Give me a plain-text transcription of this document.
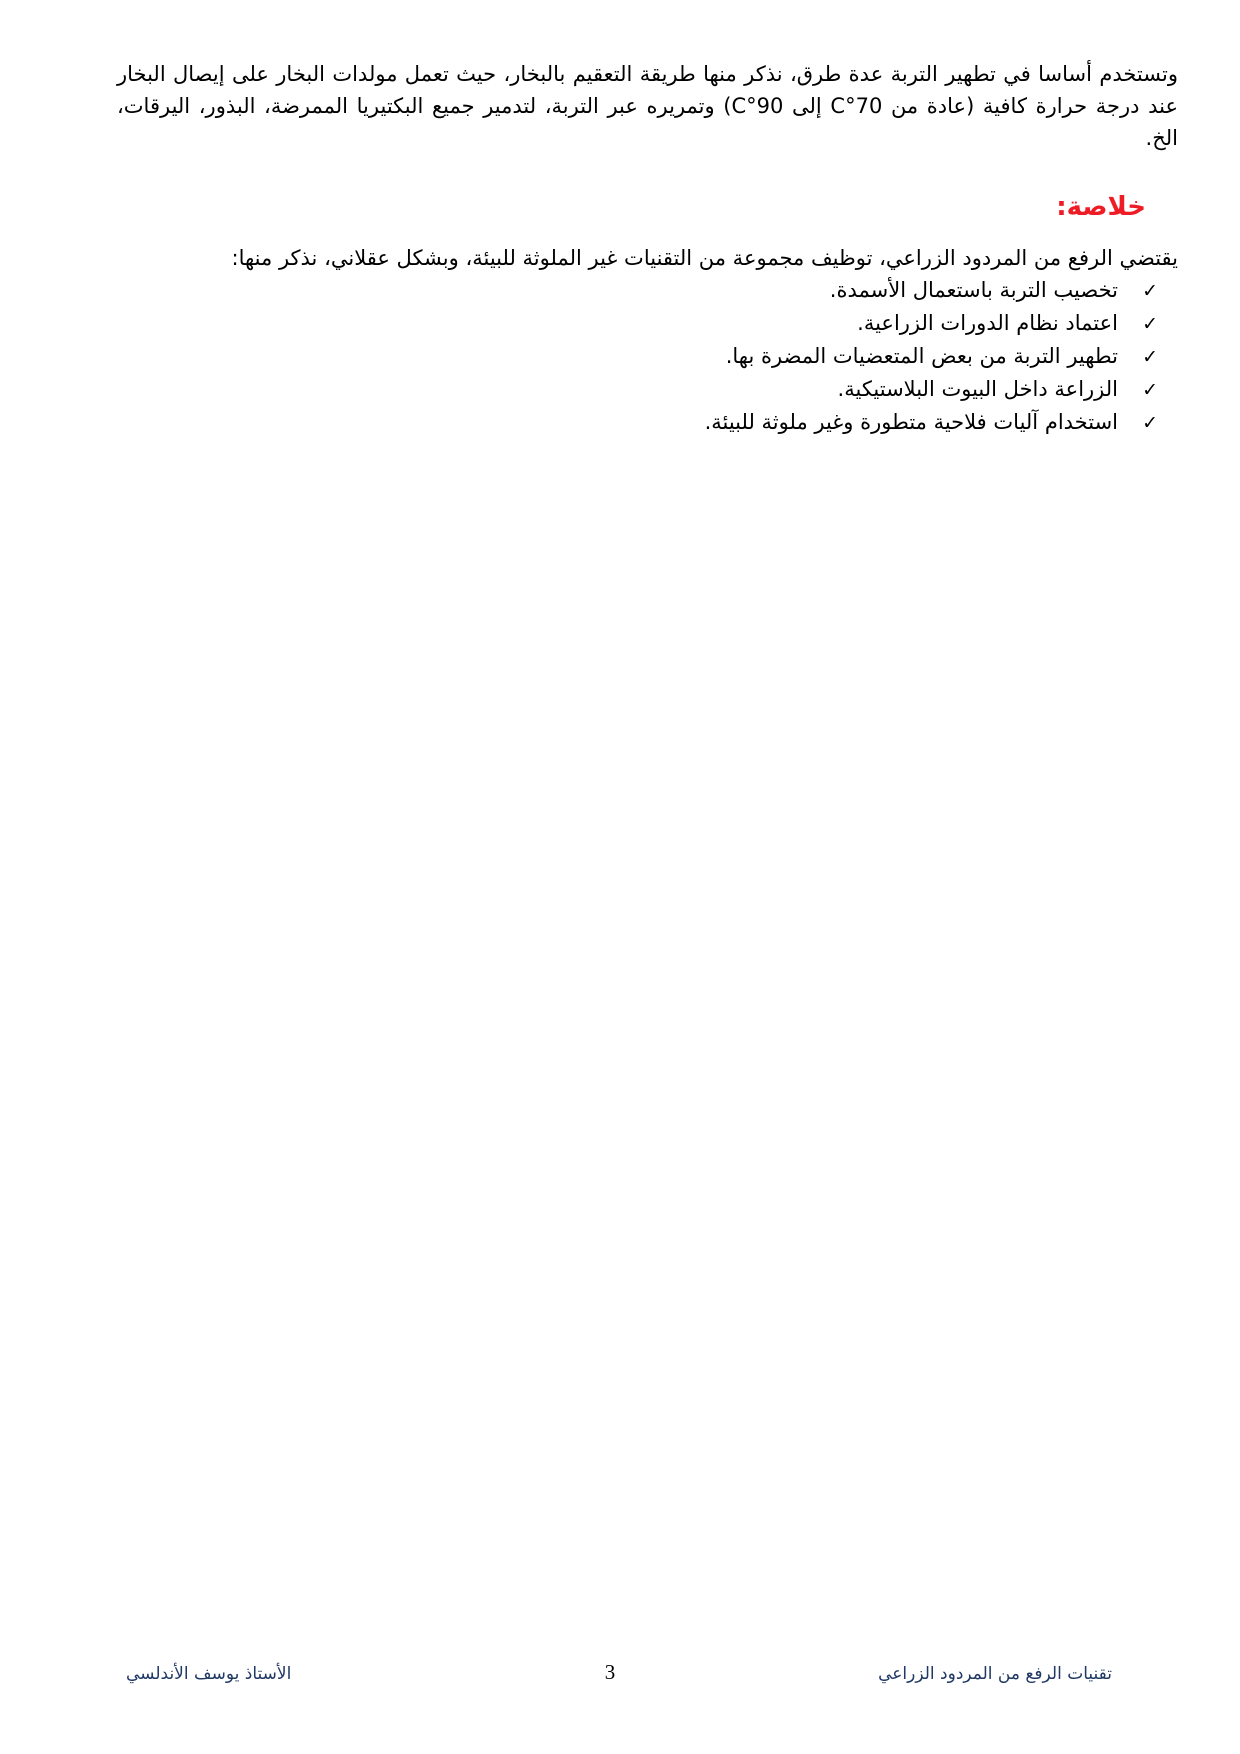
وتستخدم أساسا في تطهير التربة عدة طرق، نذكر منها طريقة التعقيم بالبخار، حيث تعمل مولدات البخار على إيصال البخار عند درجة حرارة كافية (عادة من 70°C إلى 90°C) وتمريره عبر التربة، لتدمير جميع البكتيريا الممرضة، البذور، اليرقات، الخ.

خلاصة:

يقتضي الرفع من المردود الزراعي، توظيف مجموعة من التقنيات غير الملوثة للبيئة، وبشكل عقلاني، نذكر منها:

✓
تخصيب التربة باستعمال الأسمدة.
✓
اعتماد نظام الدورات الزراعية.
✓
تطهير التربة من بعض المتعضيات المضرة بها.
✓
الزراعة داخل البيوت البلاستيكية.
✓
استخدام آليات فلاحية متطورة وغير ملوثة للبيئة.
تقنيات الرفع من المردود الزراعي
3
الأستاذ يوسف الأندلسي
